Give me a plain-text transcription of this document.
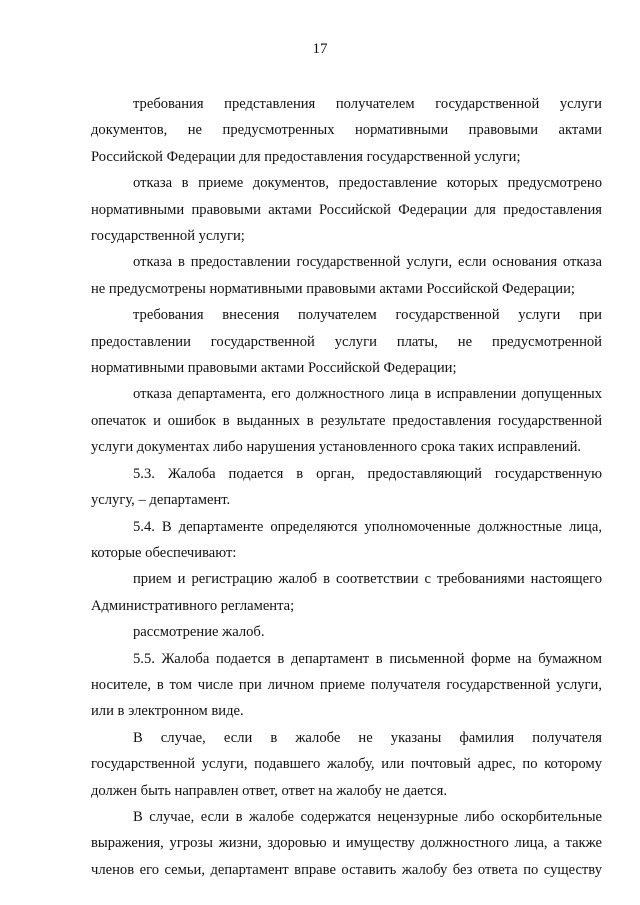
17

требования представления получателем государственной услуги
документов, не предусмотренных нормативными правовыми актами
Российской Федерации для предоставления государственной услуги;

отказа в приеме документов, предоставление которых предусмотрено
нормативными правовыми актами Российской Федерации для предоставления
государственной услуги;

отказа в предоставлении государственной услуги, если основания отказа
не предусмотрены нормативными правовыми актами Российской Федерации;

требования внесения получателем государственной услуги при
предоставлении государственной услуги платы, не предусмотренной
нормативными правовыми актами Российской Федерации;

отказа департамента, его должностного лица в исправлении допущенных
опечаток и ошибок в выданных в результате предоставления государственной
услуги документах либо нарушения установленного срока таких исправлений.

5.3. Жалоба подается в орган, предоставляющий государственную
услугу, – департамент.

5.4. В департаменте определяются уполномоченные должностные лица,
которые обеспечивают:

прием и регистрацию жалоб в соответствии с требованиями настоящего
Административного регламента;

рассмотрение жалоб.

5.5. Жалоба подается в департамент в письменной форме на бумажном
носителе, в том числе при личном приеме получателя государственной услуги,
или в электронном виде.

В случае, если в жалобе не указаны фамилия получателя
государственной услуги, подавшего жалобу, или почтовый адрес, по которому
должен быть направлен ответ, ответ на жалобу не дается.

В случае, если в жалобе содержатся нецензурные либо оскорбительные
выражения, угрозы жизни, здоровью и имуществу должностного лица, а также
членов его семьи, департамент вправе оставить жалобу без ответа по существу
